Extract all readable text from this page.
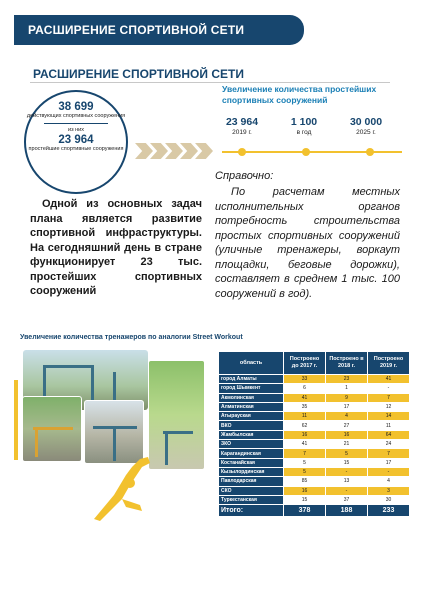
РАСШИРЕНИЕ СПОРТИВНОЙ СЕТИ
РАСШИРЕНИЕ СПОРТИВНОЙ СЕТИ
38 699
действующих спортивных сооружения
из них
23 964
простейшие спортивные сооружения
Увеличение количества простейших спортивных сооружений
23 964
2019 г.
1 100
в год
30 000
2025 г.
Одной из основных задач плана является развитие спортивной инфраструктуры. На сегодняшний день в стране функционирует 23 тыс. простейших спортивных сооружений
Справочно:
По расчетам местных исполнительных органов потребность строительства простых спортивных сооружений (уличные тренажеры, воркаут площадки, беговые дорожки), составляет в среднем 1 тыс. 100 сооружений в год).
Увеличение количества тренажеров по аналогии Street Workout
область	Построено до 2017 г.	Построено в 2018 г.	Построено 2019 г.
город Алматы	33	23	41
город Шымкент	6	1	-
Акмолинская	41	9	7
Алматинская	35	17	12
Атырауская	11	4	14
ВКО	62	27	11
Жамбылская	16	16	64
ЗКО	41	21	24
Карагандинская	7	5	7
Костанайская	5	15	17
Кызылординская	5	-	-
Павлодарская	85	13	4
СКО	16	-	3
Туркестанская	15	37	30
Итого:	378	188	233
